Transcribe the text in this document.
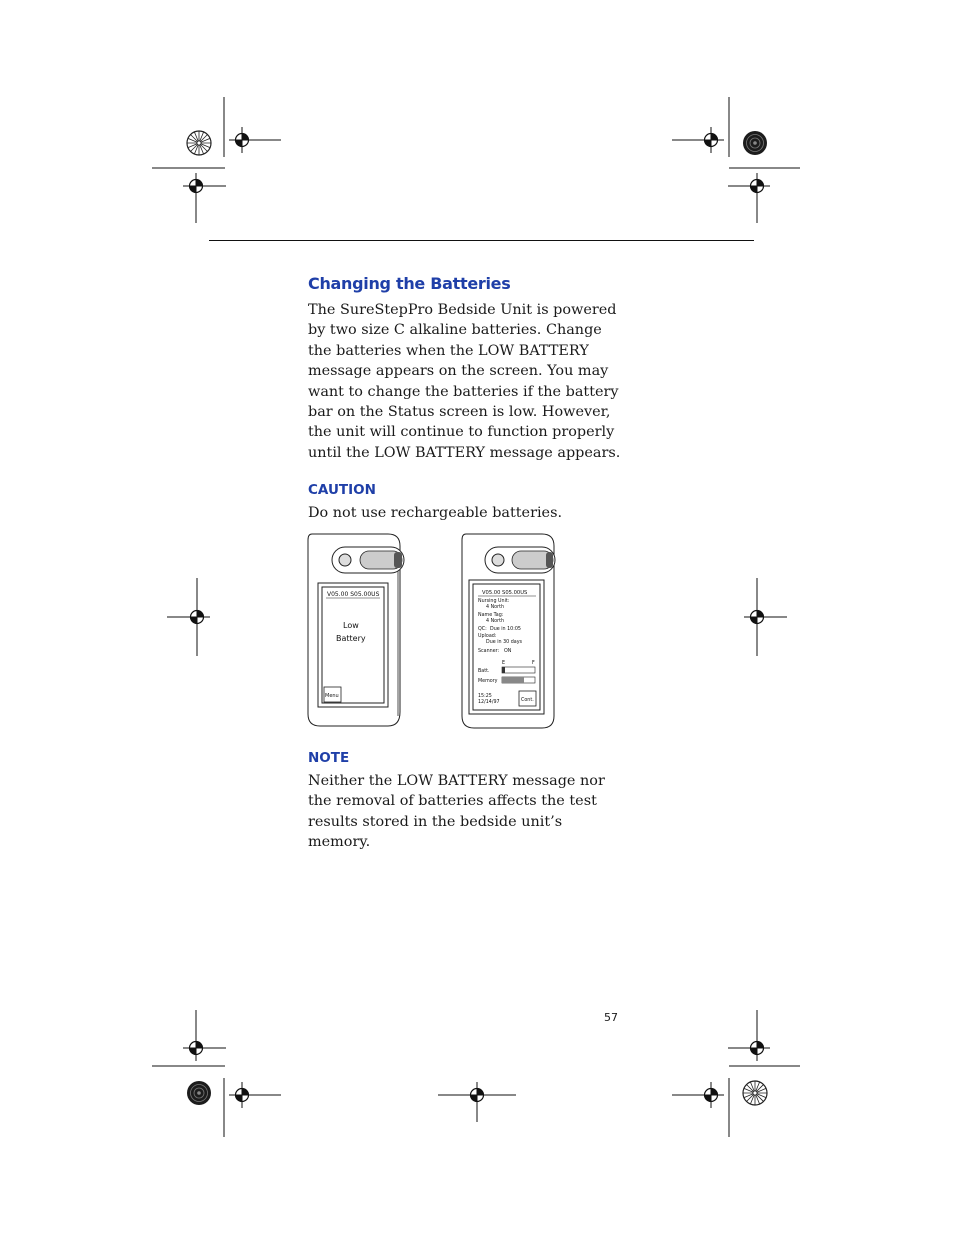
Changing the Batteries
The SureStepPro Bedside Unit is powered by two size C alkaline batteries. Change the batteries when the LOW BATTERY message appears on the screen. You may want to change the batteries if the battery bar on the Status screen is low. However, the unit will continue to function properly until the LOW BATTERY message appears.
CAUTION
Do not use rechargeable batteries.
V05.00 S05.00US
Low
Battery
Menu
V05.00 S05.00US
Nursing Unit:
4 North
Name Tag:
4 North
QC: Due in 10:05
Upload:
Due in 30 days
Scanner: ON
E	F
Batt.
Memory
15:25
12/14/97	Cont.
NOTE
Neither the LOW BATTERY message nor the removal of batteries affects the test results stored in the bedside unit’s memory.
57
